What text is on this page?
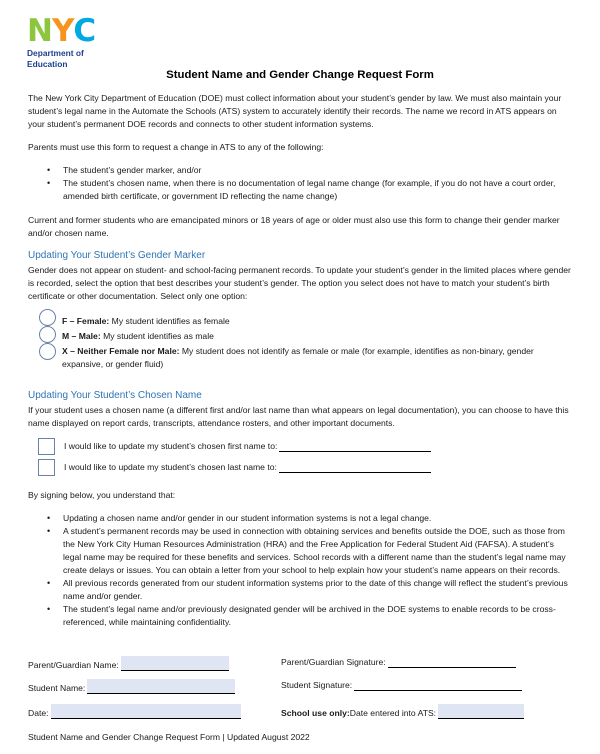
N Y C
Department of
Education
Student Name and Gender Change Request Form

The New York City Department of Education (DOE) must collect information about your student’s gender by law. We must also maintain your student’s legal name in the Automate the Schools (ATS) system to accurately identify their records. The name we record in ATS appears on your student’s permanent DOE records and connects to other student information systems.

Parents must use this form to request a change in ATS to any of the following:

• The student’s gender marker, and/or
• The student’s chosen name, when there is no documentation of legal name change (for example, if you do not have a court order, amended birth certificate, or government ID reflecting the name change)

Current and former students who are emancipated minors or 18 years of age or older must also use this form to change their gender marker and/or chosen name.

Updating Your Student’s Gender Marker

Gender does not appear on student- and school-facing permanent records. To update your student’s gender in the limited places where gender is recorded, select the option that best describes your student’s gender. The option you select does not have to match your student’s birth certificate or other documentation. Select only one option:

F – Female: My student identifies as female
M – Male: My student identifies as male
X – Neither Female nor Male: My student does not identify as female or male (for example, identifies as non-binary, gender expansive, or gender fluid)
Updating Your Student’s Chosen Name

If your student uses a chosen name (a different first and/or last name than what appears on legal documentation), you can choose to have this name displayed on report cards, transcripts, attendance rosters, and other important documents.

I would like to update my student’s chosen first name to:
I would like to update my student’s chosen last name to:

By signing below, you understand that:

• Updating a chosen name and/or gender in our student information systems is not a legal change.
• A student’s permanent records may be used in connection with obtaining services and benefits outside the DOE, such as those from the New York City Human Resources Administration (HRA) and the Free Application for Federal Student Aid (FAFSA). A student’s legal name may be required for these benefits and services. School records with a different name than the student’s legal name may create delays or issues. You can obtain a letter from your school to help explain how your student’s name appears on their records.
• All previous records generated from our student information systems prior to the date of this change will reflect the student’s previous name and/or gender.
• The student’s legal name and/or previously designated gender will be archived in the DOE systems to enable records to be cross-referenced, while maintaining confidentiality.
Parent/Guardian Name:	Parent/Guardian Signature:
Student Name:	Student Signature:
Date:	School use only: Date entered into ATS:
Student Name and Gender Change Request Form | Updated August 2022
